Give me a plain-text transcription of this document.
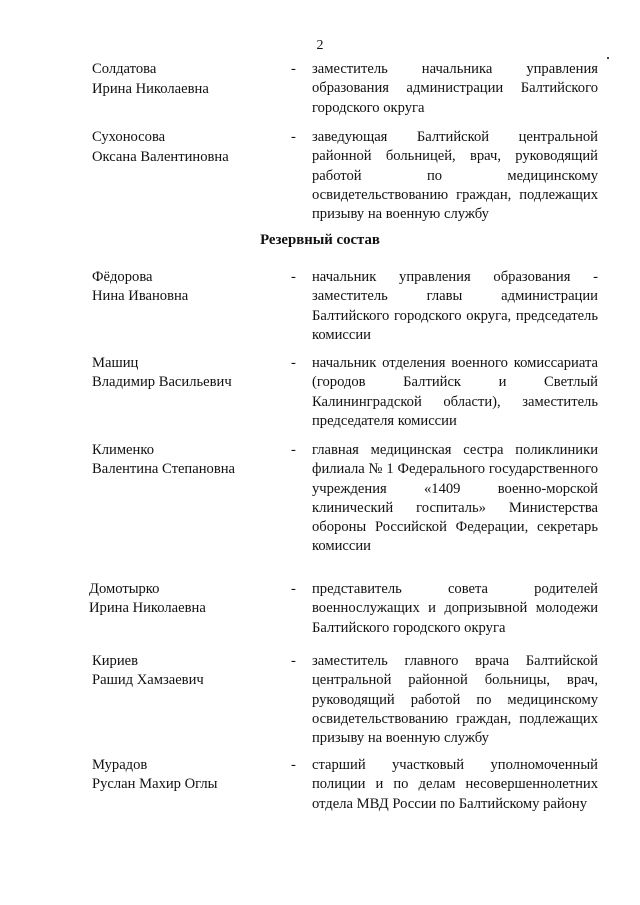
2
Солдатова
Ирина Николаевна
-	заместитель начальника управления образования администрации Балтийского городского округа

Сухоносова
Оксана Валентиновна
-	заведующая Балтийской центральной районной больницей, врач, руководящий работой по медицинскому освидетельствованию граждан, подлежащих призыву на военную службу

Резервный состав
Фёдорова
Нина Ивановна
-	начальник управления образования - заместитель главы администрации Балтийского городского округа, председатель комиссии

Машиц
Владимир Васильевич
-	начальник отделения военного комиссариата (городов Балтийск и Светлый Калининградской области), заместитель председателя комиссии

Клименко
Валентина Степановна
-	главная медицинская сестра поликлиники филиала № 1 Федерального государственного учреждения «1409 военно-морской клинический госпиталь» Министерства обороны Российской Федерации, секретарь комиссии

Домотырко
Ирина Николаевна
-	представитель совета родителей военнослужащих и допризывной молодежи Балтийского городского округа

Кириев
Рашид Хамзаевич
-	заместитель главного врача Балтийской центральной районной больницы, врач, руководящий работой по медицинскому освидетельствованию граждан, подлежащих призыву на военную службу

Мурадов
Руслан Махир Оглы
-	старший участковый уполномоченный полиции и по делам несовершеннолетних отдела МВД России по Балтийскому району
